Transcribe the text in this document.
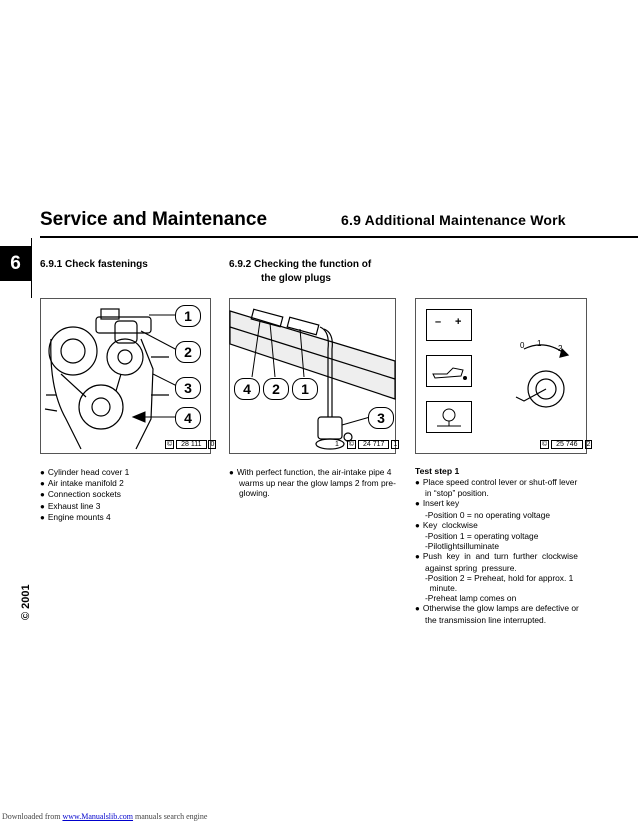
Service and Maintenance	6.9 Additional Maintenance Work
6	6.9.1 Check fastenings
1
2
3
4
© 28 111 0
● Cylinder head cover 1
● Air intake manifold 2
● Connection sockets
● Exhaust line 3
● Engine mounts 4
6.9.2 Checking the function of
the glow plugs
4	2	1
3
1 © 24 717 1
● With perfect function, the air-intake pipe 4
warms up near the glow lamps 2 from pre-
glowing.
– +
0 1
2
© 25 746 2
Test step 1
● Place speed control lever or shut-off lever
in “stop” position.
● Insert key
-Position 0 = no operating voltage
● Key  clockwise
-Position 1 = operating voltage
-Pilotlightsilluminate
● Push  key  in  and  turn  further  clockwise
against spring  pressure.
-Position 2 = Preheat, hold for approx. 1
minute.
-Preheat lamp comes on
● Otherwise the glow lamps are defective or
the transmission line interrupted.
© 2001
Downloaded from www.Manualslib.com manuals search engine
